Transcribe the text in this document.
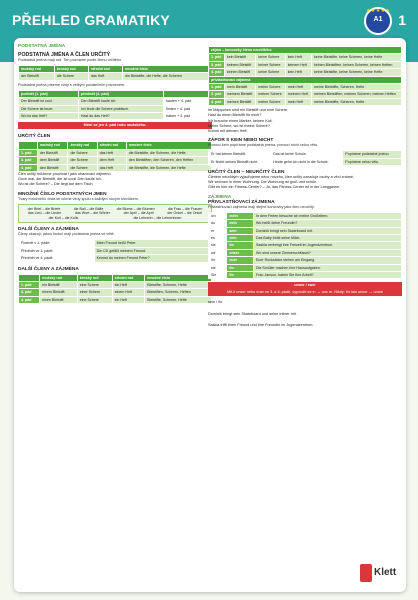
PŘEHLED GRAMATIKY
★★★★★
A1	1
PODSTATNÁ JMÉNA
PODSTATNÁ JMÉNA A ČLEN URČITÝ
Podstatná jména mají rod. Ten poznáme podle členu určitého.
mužský rod	ženský rod	střední rod	množné číslo
der Bleistift	die Schere	das Heft	die Bleistifte, die Hefte, die Scheren
Podstatná jména píšeme vždy s velkým počátečním písmenem.
podmět (1. pád)	předmět (4. pád)	
Der Bleistift ist cool.	Den Bleistift kaufe ich.	kaufen + 4. pád
Die Schere ist teuer.	Ich finde die Schere praktisch.	finden + 4. pád
Wo ist das Heft?	Hast du das Heft?	haben + 4. pád
Mění se jen 4. pád rodu mužského.
URČITÝ ČLEN
	mužský rod	ženský rod	střední rod	množné číslo
1. pád	der Bleistift	die Schere	das Heft	die Bleistifte, die Scheren, die Hefte
3. pád	dem Bleistift	der Schere	dem Heft	den Bleistiften, den Scheren, den Heften
4. pád	den Bleistift	die Schere	das Heft	die Bleistifte, die Scheren, die Hefte
Člen určitý můžeme používat i jako ukazovací zájmeno.
Guck mal, der Bleistift, der ist cool! Den kaufe ich.
Wo ist die Schere? – Die liegt auf dem Tisch.
MNOŽNÉ ČÍSLO PODSTATNÝCH JMEN
Tvary množného čísla se učíme vždy spolu s každým novým slovíčkem.
der Brief – die Briefe	die Ball – die Bälle	die Blume – die Blumen	die Frau – die Frauen
das Lied – die Lieder	das Wort – die Wörter	der April – die April	der Onkel – die Onkel
der Kuli – die Kulis	die Lehrerin – die Lehrerinnen
DALŠÍ ČLENY A ZÁJMENA
Členy ukazují, jakou funkci mají podstatná jména ve větě.
Podmět v 1. pádě:	Mein Freund heißt Peter.
Předmět ve 3. pádě:	Die CD gefällt meinem Freund.
Předmět ve 4. pádě:	Kennst du meinen Freund Peter?
DALŠÍ ČLENY A ZÁJMENA
	mužský rod	ženský rod	střední rod	množné číslo
1. pád	ein Bleistift	eine Schere	ein Heft	Bleistifte, Scheren, Hefte
3. pád	einem Bleistift	einer Schere	einem Heft	Bleistiften, Scheren, Heften
4. pád	einen Bleistift	eine Schere	ein Heft	Bleistifte, Scheren, Hefte
zájmo – koncovky členu neurčitého				
1. pád	kein Bleistift	keine Schere	kein Heft	keine Bleistifte, keine Scheren, keine Hefte
3. pád	keinem Bleistift	keiner Schere	keinem Heft	keinen Bleistiften, keinen Scheren, keinen Heften
4. pád	keinen Bleistift	keine Schere	kein Heft	keine Bleistifte, keine Scheren, keine Hefte
přivlastňovací zájmena				
1. pád	mein Bleistift	meine Schere	mein Heft	meine Bleistifte, Scheren, Hefte
3. pád	meinem Bleistift	meiner Schere	meinem Heft	meinen Bleistiften, meinen Scheren, meinen Heften
4. pád	meinen Bleistift	meine Schere	mein Heft	meine Bleistifte, Scheren, Hefte
Im Mäppchen sind ein Bleistift und eine Schere.
Hast du einen Bleistift für mich?
Ich brauche einen Marker, keinen Kuli.
Meine Schere, wo ist meine Schere?
Komm mit deinem Heft.
ZÁPOR S KEIN NEBO NICHT
Pomocí kein popíráme podstatná jména, pomocí nicht celou větu.
Er hat keinen Bleistift.	Das ist keine Schule.	Popíráme podstatné jméno.
Er findet seinen Bleistift nicht.	Heute gehe ich nicht in die Schule.	Popíráme celou větu.
URČITÝ ČLEN – NEURČITÝ ČLEN
Členem neurčitým vyjadřujeme něco nového, člen určitý označuje osoby a věci známé.
Wir wohnen in einer Wohnung. Die Wohnung ist groß und schön.
Gibt es hier ein Fitness-Center? – Ja, das Fitness-Center ist in der Langgasse.
ZÁJMENA
PŘIVLASTŇOVACÍ ZÁJMENA
Přivlastňovací zájmena mají stejné koncovky jako člen neurčitý.
ich	mein	In dem Ferien besuche ich meine Großeltern.
du	dein	Wo heißt deine Freundin?
er	sein	Dominik bringt sein Skateboard mit.
es	sein	Das Baby trinkt seine Milch.
sie	ihr	Saskia verbringt ihre Freizeit im Jugendzentrum.
wir	unser	Wo sind unsere Zimmerschlüssel?
ihr	euer	Euer Rucksäcke stehen am Eingang.
sie	ihr	Die Schüler machen ihre Hausaufgaben.
Sie	Ihr	Frau Janson, haben Sie Ihre Arbeit?
unser / euer
Mě-li unser nebo euer ve 3. a 4. pádě, vypouští se e: → uns re. Nikdy: ihr lalo unser → unsre
sein / ihr
Dominik bringt sein Skateboard und seine Inliner mit.
Saskia trifft ihren Freund und ihre Freundin im Jugendzentrum.
Klett
